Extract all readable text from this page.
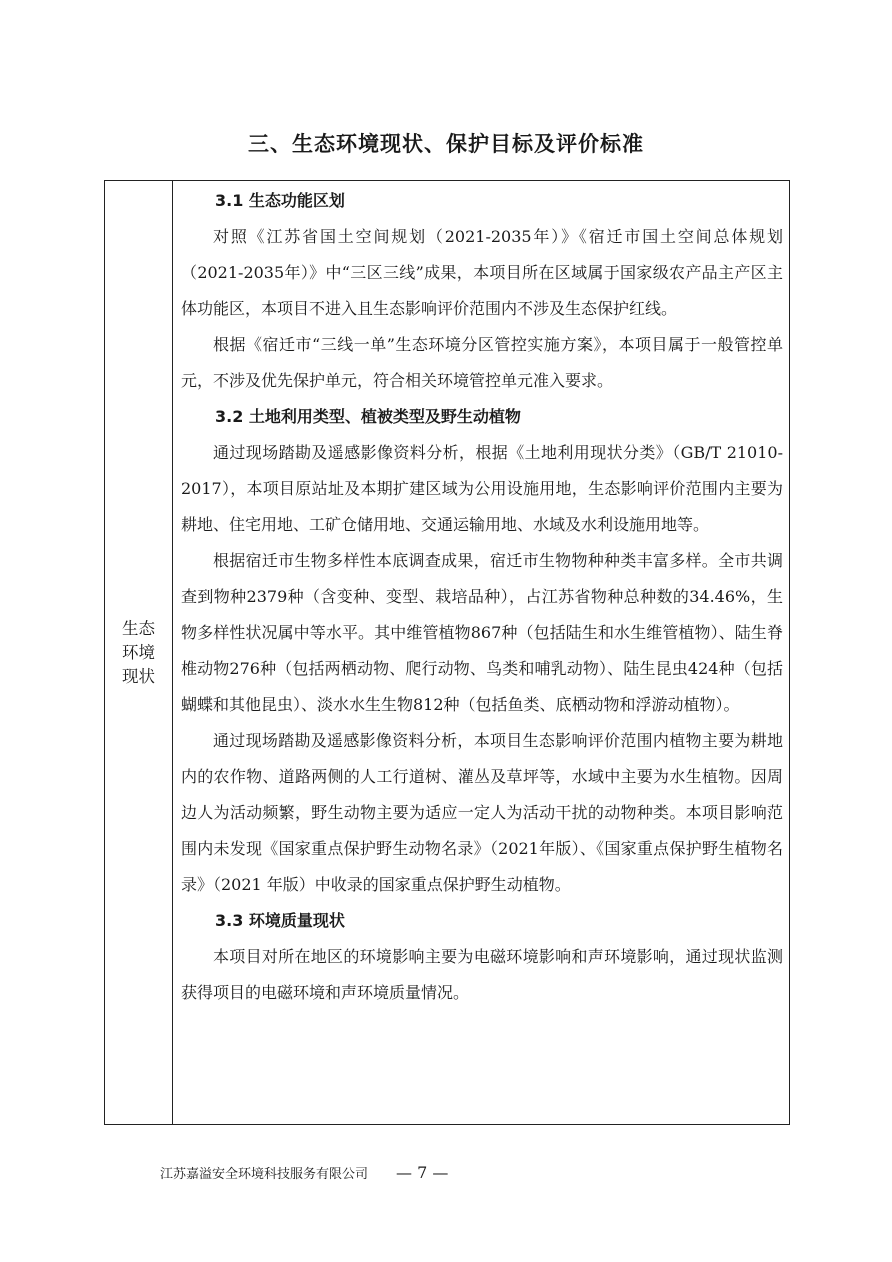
三、生态环境现状、保护目标及评价标准
生态环境现状
3.1 生态功能区划

对照《江苏省国土空间规划（2021-2035年）》《宿迁市国土空间总体规划（2021-2035年）》中“三区三线”成果，本项目所在区域属于国家级农产品主产区主体功能区，本项目不进入且生态影响评价范围内不涉及生态保护红线。

根据《宿迁市“三线一单”生态环境分区管控实施方案》，本项目属于一般管控单元，不涉及优先保护单元，符合相关环境管控单元准入要求。

3.2 土地利用类型、植被类型及野生动植物

通过现场踏勘及遥感影像资料分析，根据《土地利用现状分类》（GB/T 21010-2017），本项目原站址及本期扩建区域为公用设施用地，生态影响评价范围内主要为耕地、住宅用地、工矿仓储用地、交通运输用地、水域及水利设施用地等。

根据宿迁市生物多样性本底调查成果，宿迁市生物物种种类丰富多样。全市共调查到物种2379种（含变种、变型、栽培品种），占江苏省物种总种数的34.46%，生物多样性状况属中等水平。其中维管植物867种（包括陆生和水生维管植物）、陆生脊椎动物276种（包括两栖动物、爬行动物、鸟类和哺乳动物）、陆生昆虫424种（包括蝴蝶和其他昆虫）、淡水水生生物812种（包括鱼类、底栖动物和浮游动植物）。

通过现场踏勘及遥感影像资料分析，本项目生态影响评价范围内植物主要为耕地内的农作物、道路两侧的人工行道树、灌丛及草坪等，水域中主要为水生植物。因周边人为活动频繁，野生动物主要为适应一定人为活动干扰的动物种类。本项目影响范围内未发现《国家重点保护野生动物名录》（2021年版）、《国家重点保护野生植物名录》（2021 年版）中收录的国家重点保护野生动植物。

3.3 环境质量现状

本项目对所在地区的环境影响主要为电磁环境影响和声环境影响，通过现状监测获得项目的电磁环境和声环境质量情况。

江苏嘉溢安全环境科技服务有限公司 — 7 —
